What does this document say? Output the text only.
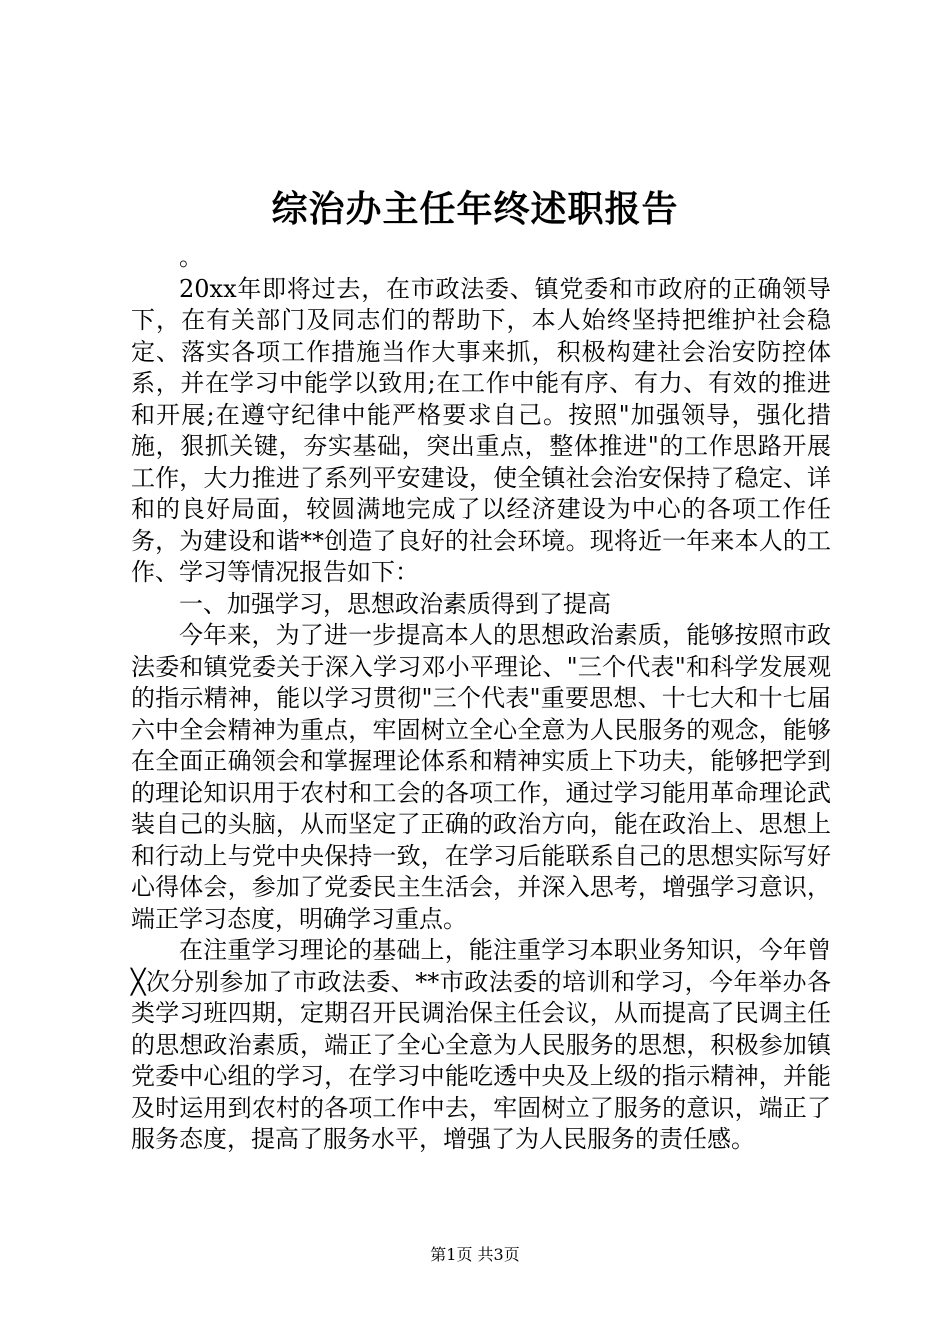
综治办主任年终述职报告

。

20xx年即将过去，在市政法委、镇党委和市政府的正确领导下，在有关部门及同志们的帮助下，本人始终坚持把维护社会稳定、落实各项工作措施当作大事来抓，积极构建社会治安防控体系，并在学习中能学以致用;在工作中能有序、有力、有效的推进和开展;在遵守纪律中能严格要求自己。按照"加强领导，强化措施，狠抓关键，夯实基础，突出重点，整体推进"的工作思路开展工作，大力推进了系列平安建设，使全镇社会治安保持了稳定、详和的良好局面，较圆满地完成了以经济建设为中心的各项工作任务，为建设和谐**创造了良好的社会环境。现将近一年来本人的工作、学习等情况报告如下：

一、加强学习，思想政治素质得到了提高

今年来，为了进一步提高本人的思想政治素质，能够按照市政法委和镇党委关于深入学习邓小平理论、"三个代表"和科学发展观的指示精神，能以学习贯彻"三个代表"重要思想、十七大和十七届六中全会精神为重点，牢固树立全心全意为人民服务的观念，能够在全面正确领会和掌握理论体系和精神实质上下功夫，能够把学到的理论知识用于农村和工会的各项工作，通过学习能用革命理论武装自己的头脑，从而坚定了正确的政治方向，能在政治上、思想上和行动上与党中央保持一致，在学习后能联系自己的思想实际写好心得体会，参加了党委民主生活会，并深入思考，增强学习意识，端正学习态度，明确学习重点。

在注重学习理论的基础上，能注重学习本职业务知识，今年曾╳次分别参加了市政法委、**市政法委的培训和学习，今年举办各类学习班四期，定期召开民调治保主任会议，从而提高了民调主任的思想政治素质，端正了全心全意为人民服务的思想，积极参加镇党委中心组的学习，在学习中能吃透中央及上级的指示精神，并能及时运用到农村的各项工作中去，牢固树立了服务的意识，端正了服务态度，提高了服务水平，增强了为人民服务的责任感。

第1页 共3页
